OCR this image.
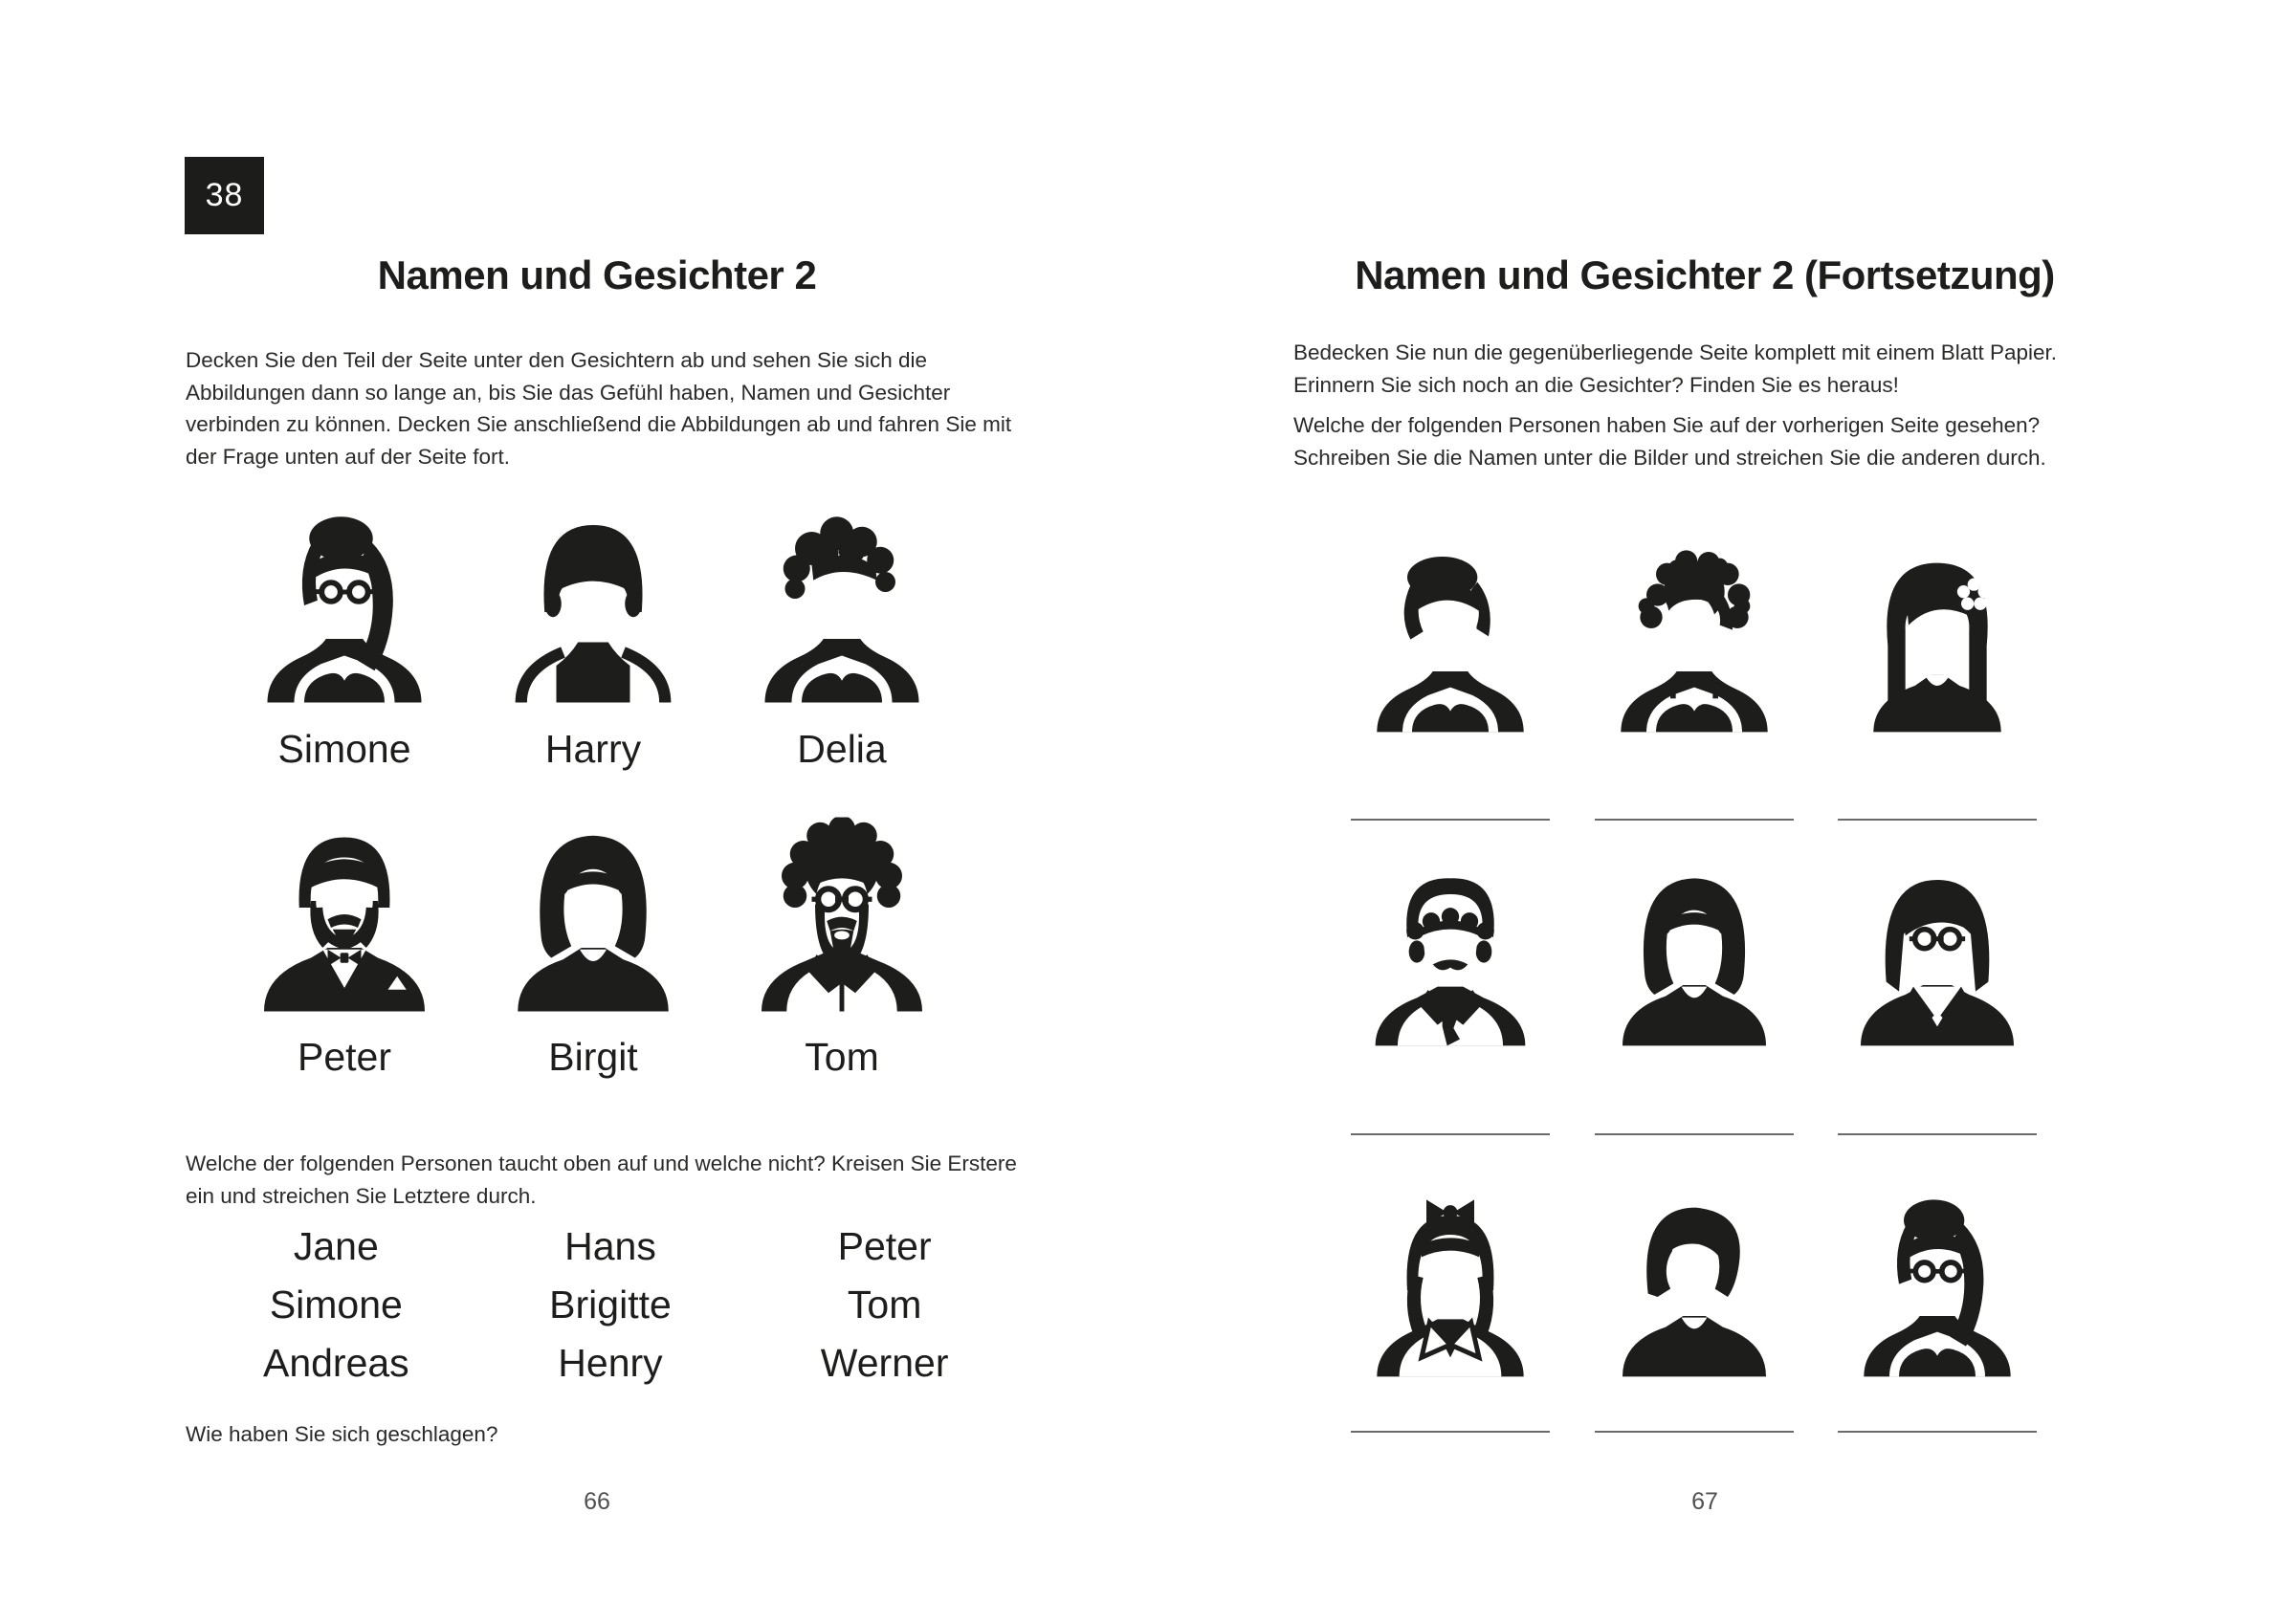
38
Namen und Gesichter 2

Decken Sie den Teil der Seite unter den Gesichtern ab und sehen Sie sich die Abbildungen dann so lange an, bis Sie das Gefühl haben, Namen und Gesichter verbinden zu können. Decken Sie anschließend die Abbildungen ab und fahren Sie mit der Frage unten auf der Seite fort.

Simone	Harry	Delia
Peter	Birgit	Tom

Welche der folgenden Personen taucht oben auf und welche nicht? Kreisen Sie Erstere ein und streichen Sie Letztere durch.

Jane	Hans	Peter
Simone	Brigitte	Tom
Andreas	Henry	Werner

Wie haben Sie sich geschlagen?

66
Namen und Gesichter 2 (Fortsetzung)

Bedecken Sie nun die gegenüberliegende Seite komplett mit einem Blatt Papier. Erinnern Sie sich noch an die Gesichter? Finden Sie es heraus!

Welche der folgenden Personen haben Sie auf der vorherigen Seite gesehen? Schreiben Sie die Namen unter die Bilder und streichen Sie die anderen durch.

67
